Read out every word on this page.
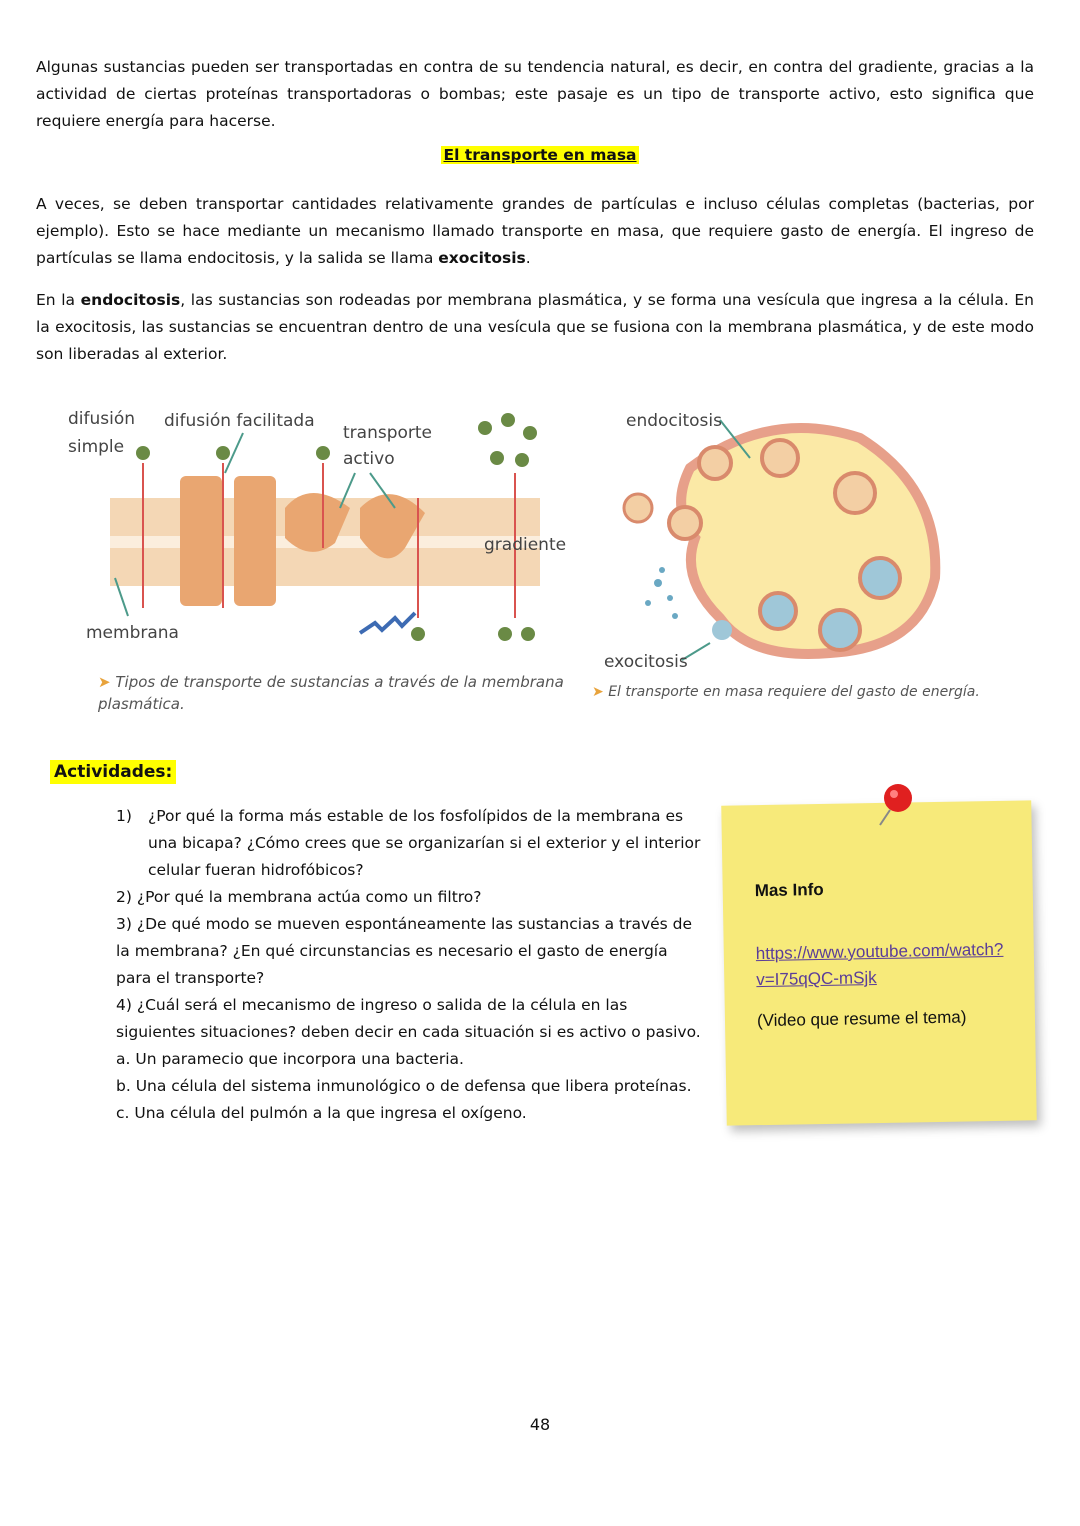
Algunas sustancias pueden ser transportadas en contra de su tendencia natural, es decir, en contra del gradiente, gracias a la actividad de ciertas proteínas transportadoras o bombas; este pasaje es un tipo de transporte activo, esto significa que requiere energía para hacerse.

El transporte en masa

A veces, se deben transportar cantidades relativamente grandes de partículas e incluso células completas (bacterias, por ejemplo). Esto se hace mediante un mecanismo llamado transporte en masa, que requiere gasto de energía. El ingreso de partículas se llama endocitosis, y la salida se llama exocitosis.

En la endocitosis, las sustancias son rodeadas por membrana plasmática, y se forma una vesícula que ingresa a la célula. En la exocitosis, las sustancias se encuentran dentro de una vesícula que se fusiona con la membrana plasmática, y de este modo son liberadas al exterior.

difusión
simple
difusión facilitada
transporte
activo
gradiente
membrana
➤ Tipos de transporte de sustancias a través de la membrana plasmática.
endocitosis
exocitosis
➤ El transporte en masa requiere del gasto de energía.
Actividades:
1)	¿Por qué la forma más estable de los fosfolípidos de la membrana es una bicapa? ¿Cómo crees que se organizarían si el exterior y el interior celular fueran hidrofóbicos?
2) ¿Por qué la membrana actúa como un filtro?
3) ¿De qué modo se mueven espontáneamente las sustancias a través de la membrana? ¿En qué circunstancias es necesario el gasto de energía para el transporte?
4) ¿Cuál será el mecanismo de ingreso o salida de la célula en las siguientes situaciones? deben decir en cada situación si es activo o pasivo.
a. Un paramecio que incorpora una bacteria.
b. Una célula del sistema inmunológico o de defensa que libera proteínas.
c. Una célula del pulmón a la que ingresa el oxígeno.
Mas Info
https://www.youtube.com/watch?v=I75qQC-mSjk
(Video que resume el tema)
48
